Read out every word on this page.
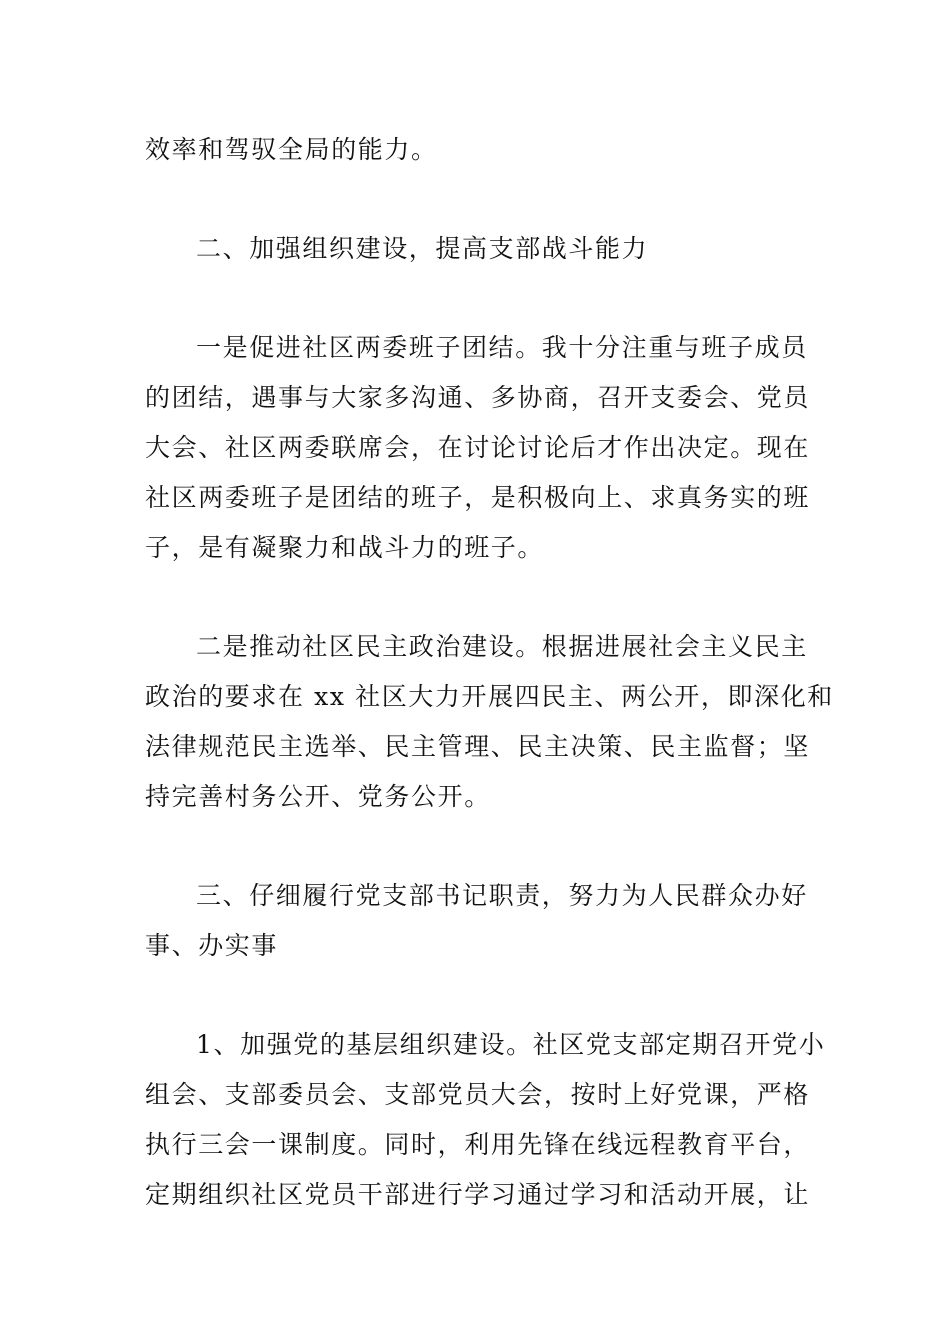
效率和驾驭全局的能力。
二、加强组织建设，提高支部战斗能力
一是促进社区两委班子团结。我十分注重与班子成员
的团结，遇事与大家多沟通、多协商，召开支委会、党员
大会、社区两委联席会，在讨论讨论后才作出决定。现在
社区两委班子是团结的班子，是积极向上、求真务实的班
子，是有凝聚力和战斗力的班子。
二是推动社区民主政治建设。根据进展社会主义民主
政治的要求在 xx 社区大力开展四民主、两公开，即深化和
法律规范民主选举、民主管理、民主决策、民主监督；坚
持完善村务公开、党务公开。
三、仔细履行党支部书记职责，努力为人民群众办好
事、办实事
1、加强党的基层组织建设。社区党支部定期召开党小
组会、支部委员会、支部党员大会，按时上好党课，严格
执行三会一课制度。同时，利用先锋在线远程教育平台，
定期组织社区党员干部进行学习通过学习和活动开展，让
